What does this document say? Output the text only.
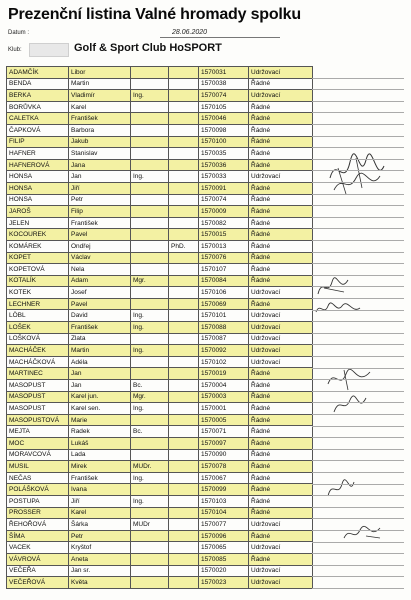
Prezenční listina Valné hromady spolku
Datum :	28.06.2020
Klub:	Golf & Sport Club HoSPORT
ADAMČÍK	Libor			1570031	Udržovací
BENDA	Martin			1570038	Řádné
BERKA	Vladimír	Ing.		1570074	Udržovací
BORŮVKA	Karel			1570105	Řádné
CALETKA	František			1570046	Řádné
ČAPKOVÁ	Barbora			1570098	Řádné
FILIP	Jakub			1570100	Řádné
HAFNER	Stanislav			1570035	Řádné
HAFNEROVÁ	Jana			1570036	Řádné
HONSA	Jan	Ing.		1570033	Udržovací
HONSA	Jiří			1570091	Řádné
HONSA	Petr			1570074	Řádné
JAROŠ	Filip			1570009	Řádné
JELEN	František			1570082	Řádné
KOCOUREK	Pavel			1570015	Řádné
KOMÁREK	Ondřej		PhD.	1570013	Řádné
KOPET	Václav			1570076	Řádné
KOPETOVÁ	Nela			1570107	Řádné
KOTALÍK	Adam	Mgr.		1570084	Řádné
KOTEK	Josef			1570106	Udržovací
LECHNER	Pavel			1570069	Řádné
LÖBL	David	Ing.		1570101	Udržovací
LOŠEK	František	Ing.		1570088	Udržovací
LOŠKOVÁ	Zlata			1570087	Udržovací
MACHÁČEK	Martin	Ing.		1570092	Udržovací
MACHÁČKOVÁ	Adéla			1570102	Udržovací
MARTINEC	Jan			1570019	Řádné
MASOPUST	Jan	Bc.		1570004	Řádné
MASOPUST	Karel jun.	Mgr.		1570003	Řádné
MASOPUST	Karel sen.	Ing.		1570001	Řádné
MASOPUSTOVÁ	Marie			1570005	Řádné
MEJTA	Radek	Bc.		1570071	Řádné
MOC	Lukáš			1570097	Řádné
MORAVCOVÁ	Lada			1570090	Řádné
MUSIL	Mirek	MUDr.		1570078	Řádné
NEČAS	František	Ing.		1570067	Řádné
POLÁŠKOVÁ	Ivana			1570099	Řádné
POSTUPA	Jiří	Ing.		1570103	Řádné
PROSSER	Karel			1570104	Řádné
ŘEHOŘOVÁ	Šárka	MUDr		1570077	Udržovací
ŠÍMA	Petr			1570096	Řádné
VACEK	Kryštof			1570065	Udržovací
VÁVROVÁ	Aneta			1570085	Řádné
VEČEŘA	Jan sr.			1570020	Udržovací
VEČEŘOVÁ	Květa			1570023	Udržovací
